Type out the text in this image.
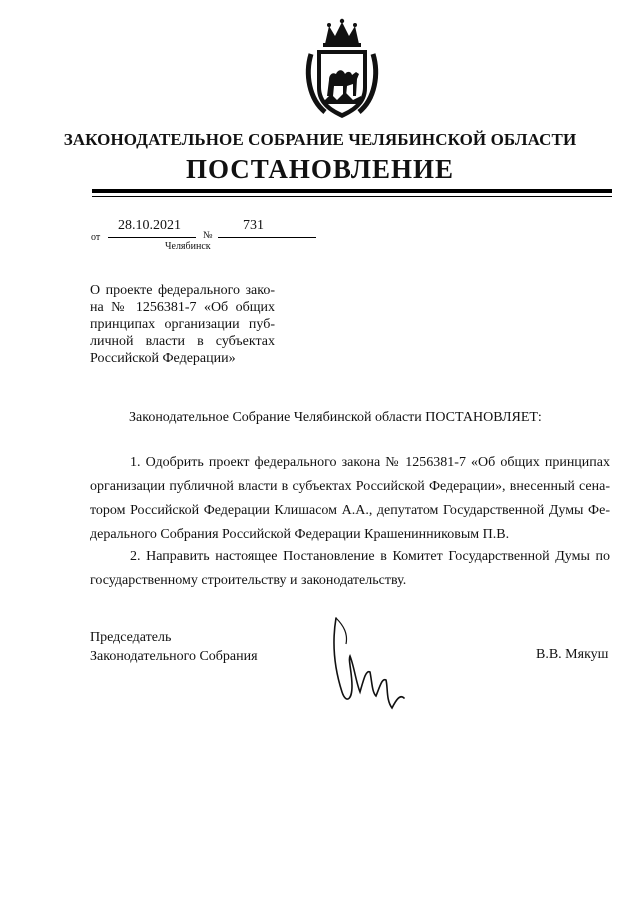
ЗАКОНОДАТЕЛЬНОЕ СОБРАНИЕ ЧЕЛЯБИНСКОЙ ОБЛАСТИ
ПОСТАНОВЛЕНИЕ
от
28.10.2021
№
731
Челябинск
О проекте федерального зако-
на № 1256381-7 «Об общих
принципах организации пуб-
личной власти в субъектах
Российской Федерации»
Законодательное Собрание Челябинской области ПОСТАНОВЛЯЕТ:
1. Одобрить проект федерального закона № 1256381-7 «Об общих принципах
организации публичной власти в субъектах Российской Федерации», внесенный сена-
тором Российской Федерации Клишасом А.А., депутатом Государственной Думы Фе-
дерального Собрания Российской Федерации Крашенинниковым П.В.
2. Направить настоящее Постановление в Комитет Государственной Думы по
государственному строительству и законодательству.
Председатель
Законодательного Собрания	В.В. Мякуш
